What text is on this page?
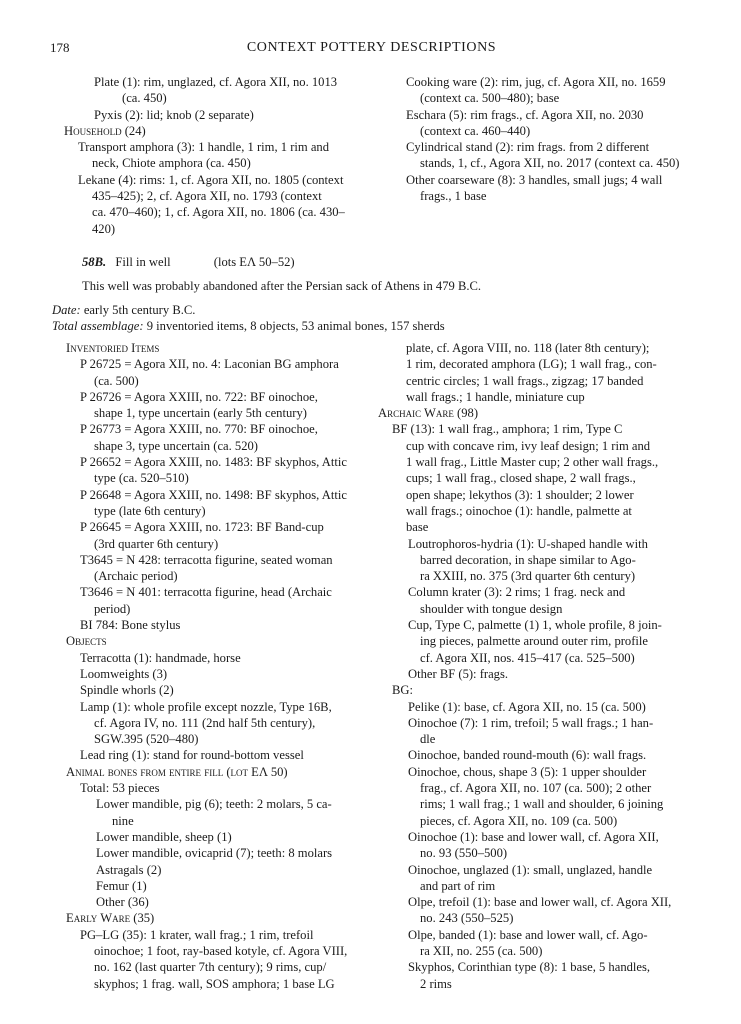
178	CONTEXT POTTERY DESCRIPTIONS
Plate (1): rim, unglazed, cf. Agora XII, no. 1013
(ca. 450)
Pyxis (2): lid; knob (2 separate)
Household (24)
Transport amphora (3): 1 handle, 1 rim, 1 rim and
neck, Chiote amphora (ca. 450)
Lekane (4): rims: 1, cf. Agora XII, no. 1805 (context
435–425); 2, cf. Agora XII, no. 1793 (context
ca. 470–460); 1, cf. Agora XII, no. 1806 (ca. 430–
420)
Cooking ware (2): rim, jug, cf. Agora XII, no. 1659
(context ca. 500–480); base
Eschara (5): rim frags., cf. Agora XII, no. 2030
(context ca. 460–440)
Cylindrical stand (2): rim frags. from 2 different
stands, 1, cf., Agora XII, no. 2017 (context ca. 450)
Other coarseware (8): 3 handles, small jugs; 4 wall
frags., 1 base
58B. Fill in well	(lots EΛ 50–52)
This well was probably abandoned after the Persian sack of Athens in 479 B.C.
Date: early 5th century B.C.
Total assemblage: 9 inventoried items, 8 objects, 53 animal bones, 157 sherds
Inventoried Items
P 26725 = Agora XII, no. 4: Laconian BG amphora
(ca. 500)
P 26726 = Agora XXIII, no. 722: BF oinochoe,
shape 1, type uncertain (early 5th century)
P 26773 = Agora XXIII, no. 770: BF oinochoe,
shape 3, type uncertain (ca. 520)
P 26652 = Agora XXIII, no. 1483: BF skyphos, Attic
type (ca. 520–510)
P 26648 = Agora XXIII, no. 1498: BF skyphos, Attic
type (late 6th century)
P 26645 = Agora XXIII, no. 1723: BF Band-cup
(3rd quarter 6th century)
T3645 = N 428: terracotta figurine, seated woman
(Archaic period)
T3646 = N 401: terracotta figurine, head (Archaic
period)
BI 784: Bone stylus
Objects
Terracotta (1): handmade, horse
Loomweights (3)
Spindle whorls (2)
Lamp (1): whole profile except nozzle, Type 16B,
cf. Agora IV, no. 111 (2nd half 5th century),
SGW.395 (520–480)
Lead ring (1): stand for round-bottom vessel
Animal bones from entire fill (lot EΛ 50)
Total: 53 pieces
Lower mandible, pig (6); teeth: 2 molars, 5 ca-
nine
Lower mandible, sheep (1)
Lower mandible, ovicaprid (7); teeth: 8 molars
Astragals (2)
Femur (1)
Other (36)
Early Ware (35)
PG–LG (35): 1 krater, wall frag.; 1 rim, trefoil
oinochoe; 1 foot, ray-based kotyle, cf. Agora VIII,
no. 162 (last quarter 7th century); 9 rims, cup/
skyphos; 1 frag. wall, SOS amphora; 1 base LG
plate, cf. Agora VIII, no. 118 (later 8th century);
1 rim, decorated amphora (LG); 1 wall frag., con-
centric circles; 1 wall frags., zigzag; 17 banded
wall frags.; 1 handle, miniature cup
Archaic Ware (98)
BF (13): 1 wall frag., amphora; 1 rim, Type C
cup with concave rim, ivy leaf design; 1 rim and
1 wall frag., Little Master cup; 2 other wall frags.,
cups; 1 wall frag., closed shape, 2 wall frags.,
open shape; lekythos (3): 1 shoulder; 2 lower
wall frags.; oinochoe (1): handle, palmette at
base
Loutrophoros-hydria (1): U-shaped handle with
barred decoration, in shape similar to Ago-
ra XXIII, no. 375 (3rd quarter 6th century)
Column krater (3): 2 rims; 1 frag. neck and
shoulder with tongue design
Cup, Type C, palmette (1) 1, whole profile, 8 join-
ing pieces, palmette around outer rim, profile
cf. Agora XII, nos. 415–417 (ca. 525–500)
Other BF (5): frags.
BG:
Pelike (1): base, cf. Agora XII, no. 15 (ca. 500)
Oinochoe (7): 1 rim, trefoil; 5 wall frags.; 1 han-
dle
Oinochoe, banded round-mouth (6): wall frags.
Oinochoe, chous, shape 3 (5): 1 upper shoulder
frag., cf. Agora XII, no. 107 (ca. 500); 2 other
rims; 1 wall frag.; 1 wall and shoulder, 6 joining
pieces, cf. Agora XII, no. 109 (ca. 500)
Oinochoe (1): base and lower wall, cf. Agora XII,
no. 93 (550–500)
Oinochoe, unglazed (1): small, unglazed, handle
and part of rim
Olpe, trefoil (1): base and lower wall, cf. Agora XII,
no. 243 (550–525)
Olpe, banded (1): base and lower wall, cf. Ago-
ra XII, no. 255 (ca. 500)
Skyphos, Corinthian type (8): 1 base, 5 handles,
2 rims
